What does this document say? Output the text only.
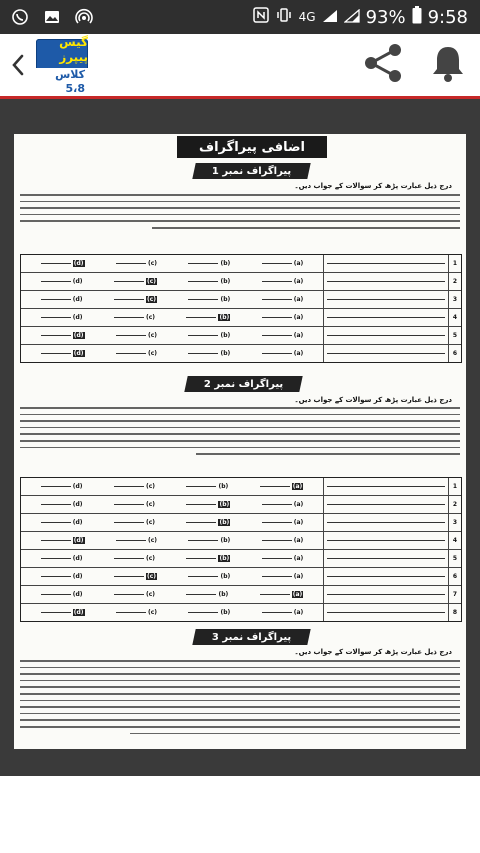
4G	93% 9:58
گیس پیپرز
کلاس 5،8
اضافی پیراگراف
پیراگراف نمبر 1
درج ذیل عبارت پڑھ کر سوالات کے جواب دیں۔
1
(a)
(b)
(c)
(d)
2
(a)
(b)
(c)
(d)
3
(a)
(b)
(c)
(d)
4
(a)
(b)
(c)
(d)
5
(a)
(b)
(c)
(d)
6
(a)
(b)
(c)
(d)
پیراگراف نمبر 2
درج ذیل عبارت پڑھ کر سوالات کے جواب دیں۔
1
(a)
(b)
(c)
(d)
2
(a)
(b)
(c)
(d)
3
(a)
(b)
(c)
(d)
4
(a)
(b)
(c)
(d)
5
(a)
(b)
(c)
(d)
6
(a)
(b)
(c)
(d)
7
(a)
(b)
(c)
(d)
8
(a)
(b)
(c)
(d)
پیراگراف نمبر 3
درج ذیل عبارت پڑھ کر سوالات کے جواب دیں۔
